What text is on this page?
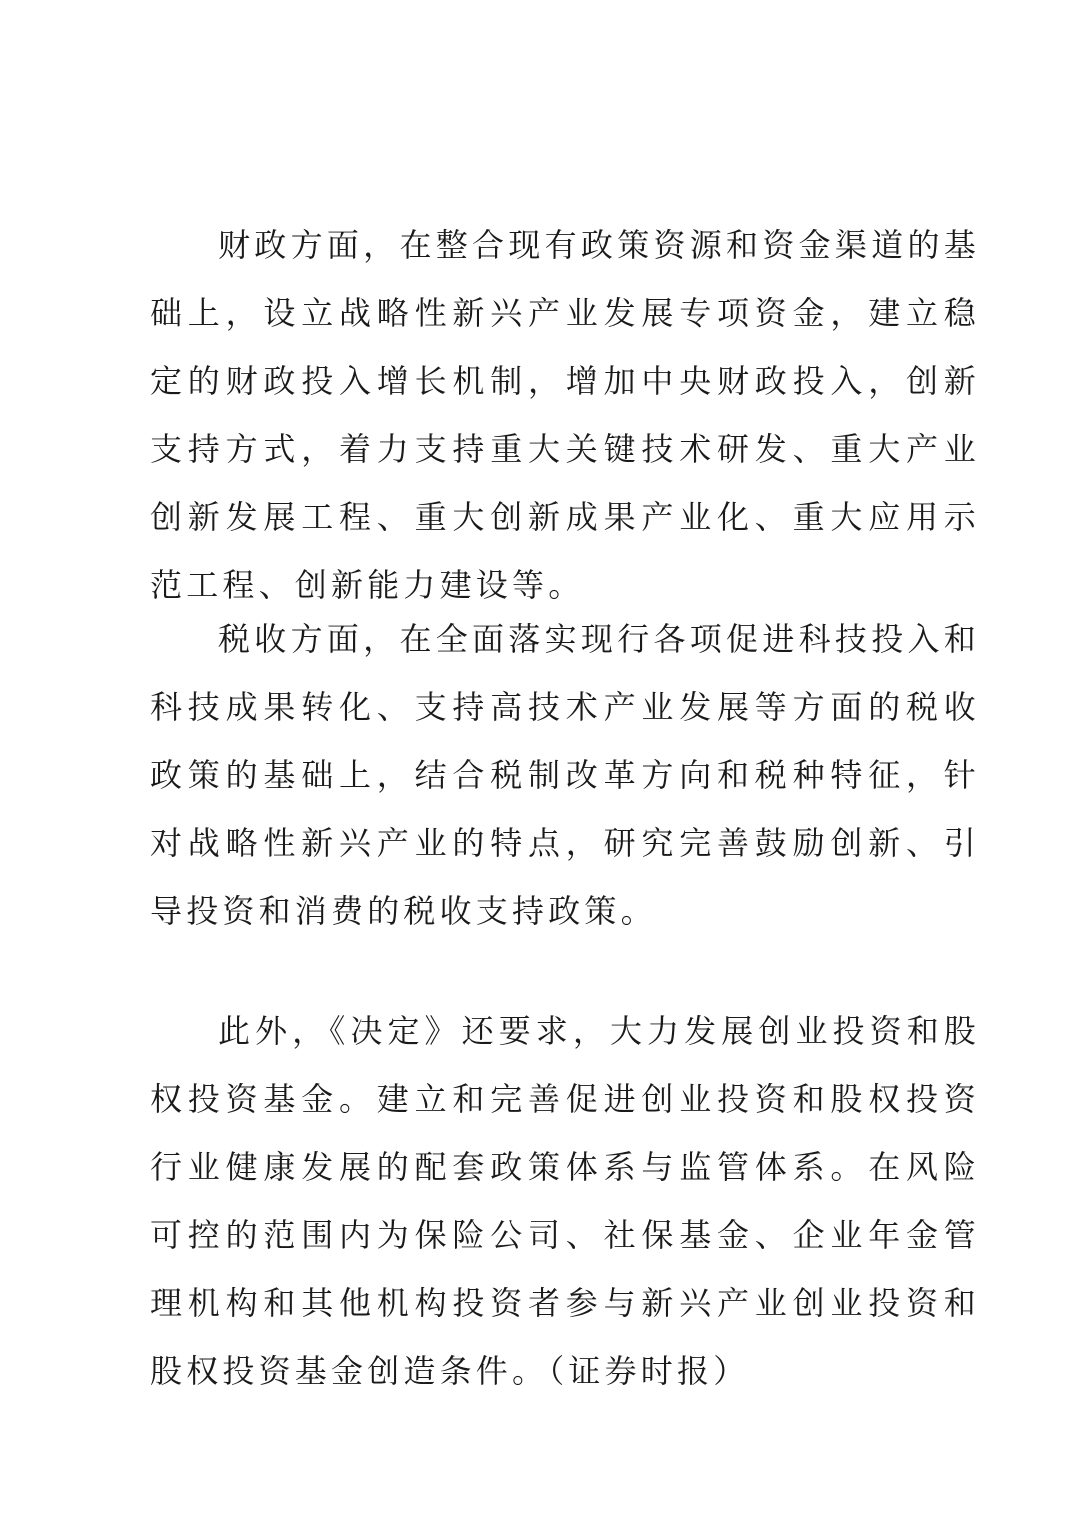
财政方面，在整合现有政策资源和资金渠道的基础上，设立战略性新兴产业发展专项资金，建立稳定的财政投入增长机制，增加中央财政投入，创新支持方式，着力支持重大关键技术研发、重大产业创新发展工程、重大创新成果产业化、重大应用示范工程、创新能力建设等。

税收方面，在全面落实现行各项促进科技投入和科技成果转化、支持高技术产业发展等方面的税收政策的基础上，结合税制改革方向和税种特征，针对战略性新兴产业的特点，研究完善鼓励创新、引导投资和消费的税收支持政策。

此外，《决定》还要求，大力发展创业投资和股权投资基金。建立和完善促进创业投资和股权投资行业健康发展的配套政策体系与监管体系。在风险可控的范围内为保险公司、社保基金、企业年金管理机构和其他机构投资者参与新兴产业创业投资和股权投资基金创造条件。（证券时报）
